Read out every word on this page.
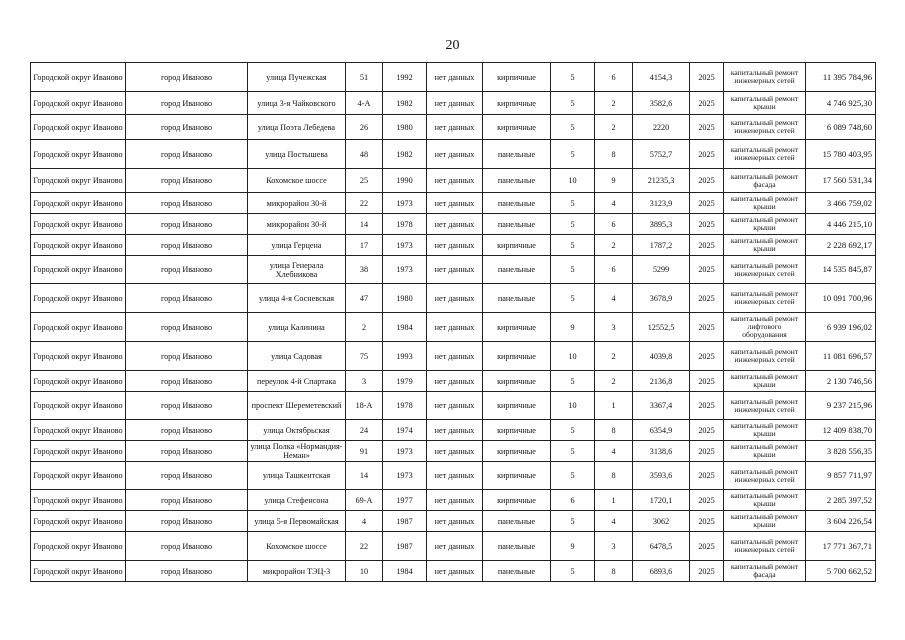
20
Городской округ Иваново	город Иваново	улица Пучежская	51	1992	нет данных	кирпичные	5	6	4154,3	2025	капитальный ремонт инженерных сетей	11 395 784,96
Городской округ Иваново	город Иваново	улица 3-я Чайковского	4-А	1982	нет данных	кирпичные	5	2	3582,6	2025	капитальный ремонт крыши	4 746 925,30
Городской округ Иваново	город Иваново	улица Поэта Лебедева	26	1980	нет данных	кирпичные	5	2	2220	2025	капитальный ремонт инженерных сетей	6 089 748,60
Городской округ Иваново	город Иваново	улица Постышева	48	1982	нет данных	панельные	5	8	5752,7	2025	капитальный ремонт инженерных сетей	15 780 403,95
Городской округ Иваново	город Иваново	Кохомское шоссе	25	1990	нет данных	панельные	10	9	21235,3	2025	капитальный ремонт фасада	17 560 531,34
Городской округ Иваново	город Иваново	микрорайон 30-й	22	1973	нет данных	панельные	5	4	3123,9	2025	капитальный ремонт крыши	3 466 759,02
Городской округ Иваново	город Иваново	микрорайон 30-й	14	1978	нет данных	панельные	5	6	3895,3	2025	капитальный ремонт крыши	4 446 215,10
Городской округ Иваново	город Иваново	улица Герцена	17	1973	нет данных	кирпичные	5	2	1787,2	2025	капитальный ремонт крыши	2 228 692,17
Городской округ Иваново	город Иваново	улица Генерала Хлебникова	38	1973	нет данных	панельные	5	6	5299	2025	капитальный ремонт инженерных сетей	14 535 845,87
Городской округ Иваново	город Иваново	улица 4-я Сосневская	47	1980	нет данных	панельные	5	4	3678,9	2025	капитальный ремонт инженерных сетей	10 091 700,96
Городской округ Иваново	город Иваново	улица Калинина	2	1984	нет данных	кирпичные	9	3	12552,5	2025	капитальный ремонт лифтового оборудования	6 939 196,02
Городской округ Иваново	город Иваново	улица Садовая	75	1993	нет данных	кирпичные	10	2	4039,8	2025	капитальный ремонт инженерных сетей	11 081 696,57
Городской округ Иваново	город Иваново	переулок 4-й Спартака	3	1979	нет данных	кирпичные	5	2	2136,8	2025	капитальный ремонт крыши	2 130 746,56
Городской округ Иваново	город Иваново	проспект Шереметевский	18-А	1978	нет данных	кирпичные	10	1	3367,4	2025	капитальный ремонт инженерных сетей	9 237 215,96
Городской округ Иваново	город Иваново	улица Октябрьская	24	1974	нет данных	кирпичные	5	8	6354,9	2025	капитальный ремонт крыши	12 409 838,70
Городской округ Иваново	город Иваново	улица Полка «Нормандия-Неман»	91	1973	нет данных	кирпичные	5	4	3138,6	2025	капитальный ремонт крыши	3 828 556,35
Городской округ Иваново	город Иваново	улица Ташкентская	14	1973	нет данных	кирпичные	5	8	3593,6	2025	капитальный ремонт инженерных сетей	9 857 711,97
Городской округ Иваново	город Иваново	улица Стефенсона	69-А	1977	нет данных	кирпичные	6	1	1720,1	2025	капитальный ремонт крыши	2 285 397,52
Городской округ Иваново	город Иваново	улица 5-я Первомайская	4	1987	нет данных	панельные	5	4	3062	2025	капитальный ремонт крыши	3 604 226,54
Городской округ Иваново	город Иваново	Кохомское шоссе	22	1987	нет данных	панельные	9	3	6478,5	2025	капитальный ремонт инженерных сетей	17 771 367,71
Городской округ Иваново	город Иваново	микрорайон ТЭЦ-3	10	1984	нет данных	панельные	5	8	6893,6	2025	капитальный ремонт фасада	5 700 662,52
